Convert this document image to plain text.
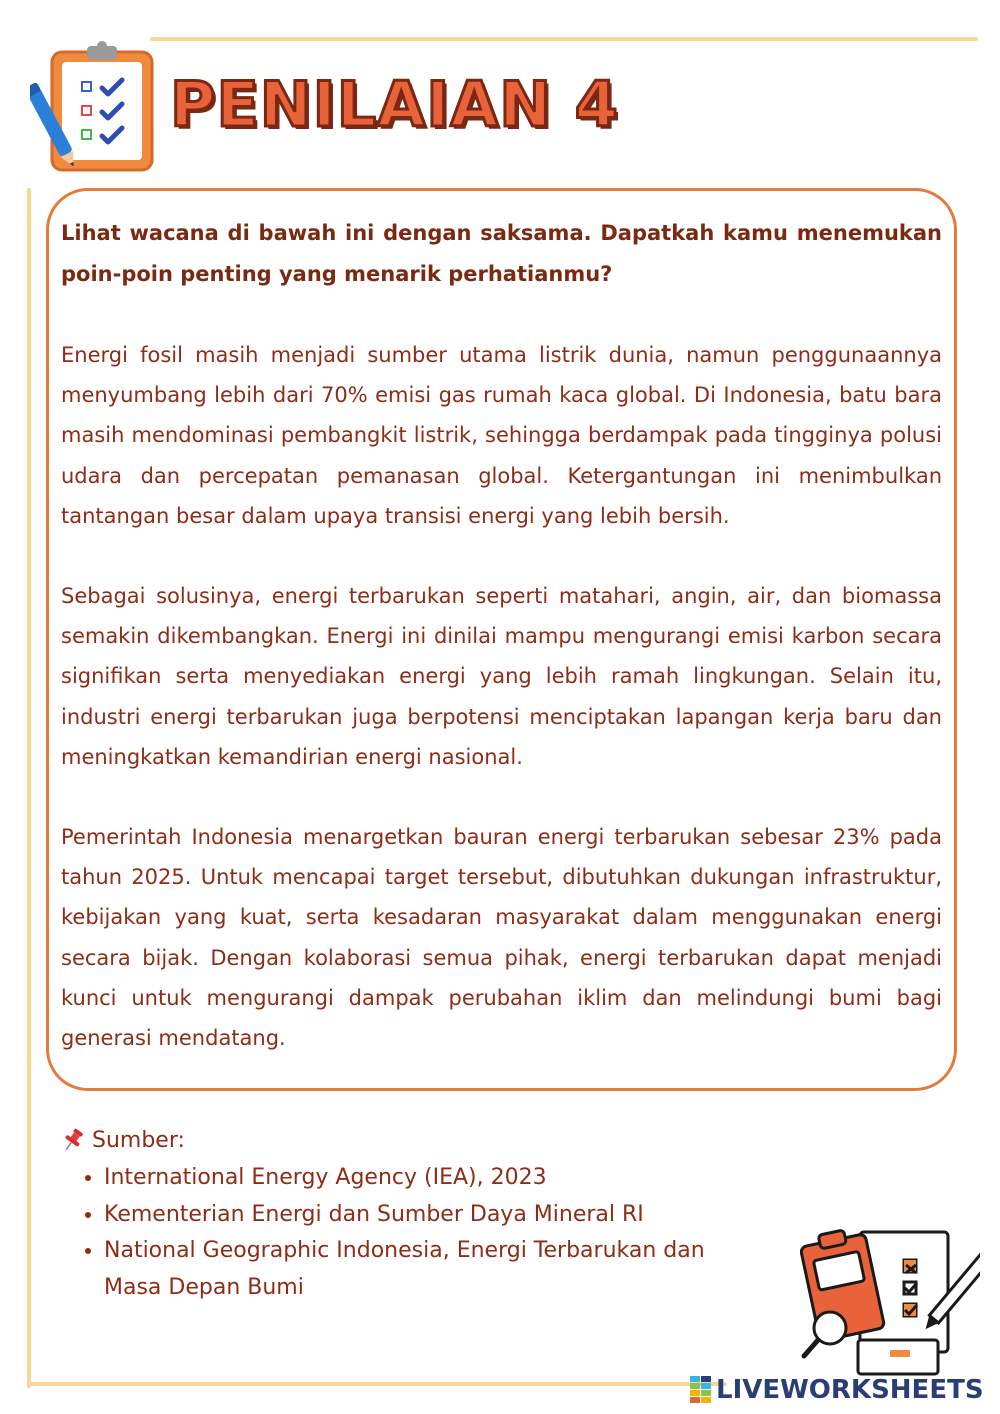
PENILAIAN 4

Lihat wacana di bawah ini dengan saksama. Dapatkah kamu menemukan poin-poin penting yang menarik perhatianmu?

Energi fosil masih menjadi sumber utama listrik dunia, namun penggunaannya menyumbang lebih dari 70% emisi gas rumah kaca global. Di Indonesia, batu bara masih mendominasi pembangkit listrik, sehingga berdampak pada tingginya polusi udara dan percepatan pemanasan global. Ketergantungan ini menimbulkan tantangan besar dalam upaya transisi energi yang lebih bersih.

Sebagai solusinya, energi terbarukan seperti matahari, angin, air, dan biomassa semakin dikembangkan. Energi ini dinilai mampu mengurangi emisi karbon secara signifikan serta menyediakan energi yang lebih ramah lingkungan. Selain itu, industri energi terbarukan juga berpotensi menciptakan lapangan kerja baru dan meningkatkan kemandirian energi nasional.

Pemerintah Indonesia menargetkan bauran energi terbarukan sebesar 23% pada tahun 2025. Untuk mencapai target tersebut, dibutuhkan dukungan infrastruktur, kebijakan yang kuat, serta kesadaran masyarakat dalam menggunakan energi secara bijak. Dengan kolaborasi semua pihak, energi terbarukan dapat menjadi kunci untuk mengurangi dampak perubahan iklim dan melindungi bumi bagi generasi mendatang.

Sumber:
• International Energy Agency (IEA), 2023
• Kementerian Energi dan Sumber Daya Mineral RI
• National Geographic Indonesia, Energi Terbarukan dan Masa Depan Bumi
LIVE LIVEWORKSHEETS
